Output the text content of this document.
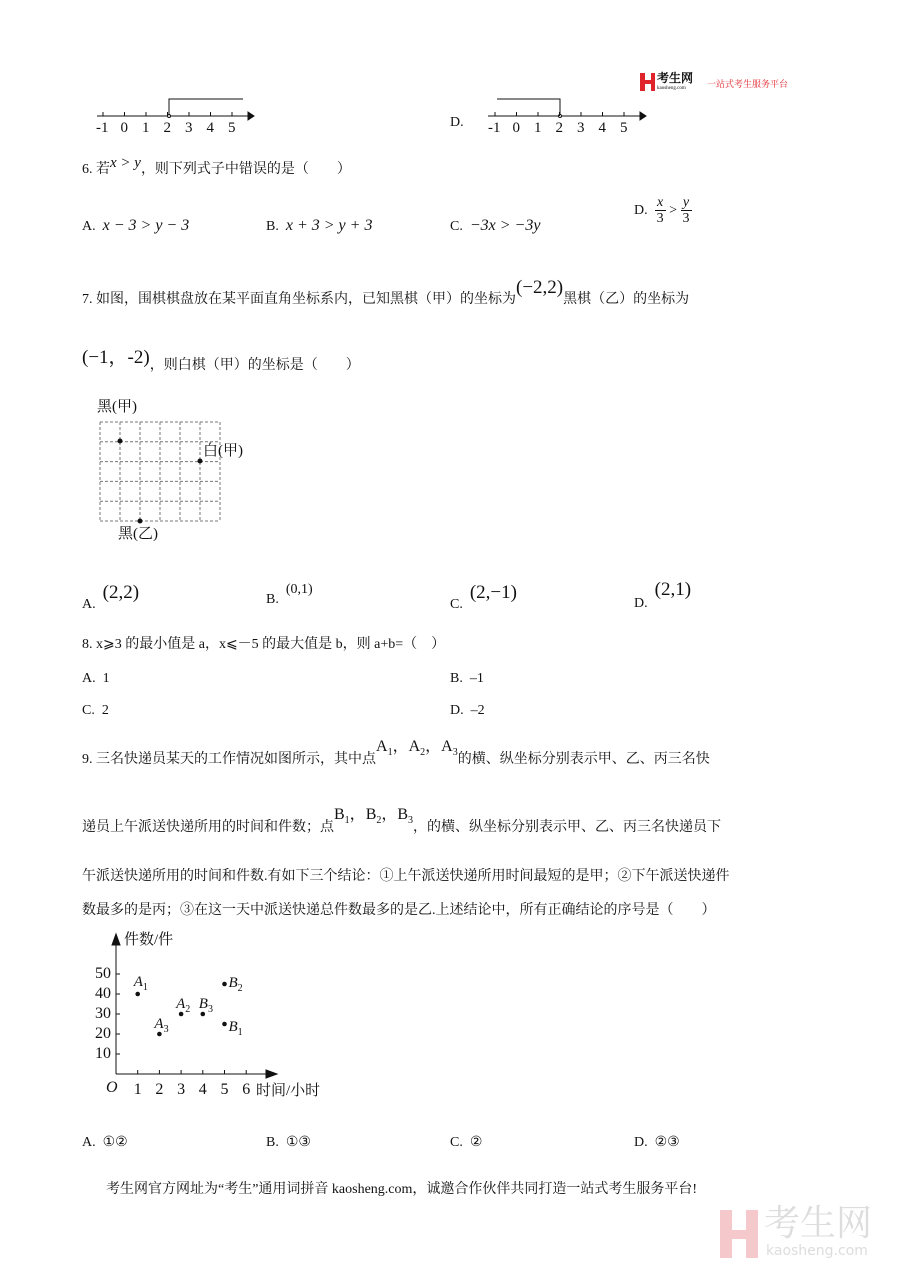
考生网
kaosheng.com 一站式考生服务平台
-1 0 1 2 3 4 5	-1 0 1 2 3 4 5
D.
6. 若x > y，则下列式子中错误的是（　　）
A. x − 3 > y − 3	B. x + 3 > y + 3	C. −3x > −3y
D. $\frac{x}{3} > \frac{y}{3}$
7. 如图，围棋棋盘放在某平面直角坐标系内，已知黑棋（甲）的坐标为(−2,2)黑棋（乙）的坐标为
(−1，-2)，则白棋（甲）的坐标是（　　）
黑(甲)
白(甲)
黑(乙)
A.  (2,2)	B.  (0,1)
C.  (2,−1)
D.  (2,1)
8. x⩾3 的最小值是 a，x⩽－5 的最大值是 b，则 a+b=（　）
A. 1	B. –1
C. 2	D. –2
9. 三名快递员某天的工作情况如图所示，其中点$A_1$，$A_2$，$A_3$的横、纵坐标分别表示甲、乙、丙三名快
递员上午派送快递所用的时间和件数；点$B_1$，$B_2$，$B_3$，的横、纵坐标分别表示甲、乙、丙三名快递员下
午派送快递所用的时间和件数.有如下三个结论：①上午派送快递所用时间最短的是甲；②下午派送快递件
数最多的是丙；③在这一天中派送快递总件数最多的是乙.上述结论中，所有正确结论的序号是（　　）
1 2 3 4 5 6
10
20
30
40
50 $A_1$
$A_2$
$A_3$	$B_1$
$B_2$
$B_3$
件数/件
时间/小时
O
A. ①②	B. ①③	C. ②	D. ②③
考生网官方网址为“考生”通用词拼音 kaosheng.com，诚邀合作伙伴共同打造一站式考生服务平台!
考生网
kaosheng.com
